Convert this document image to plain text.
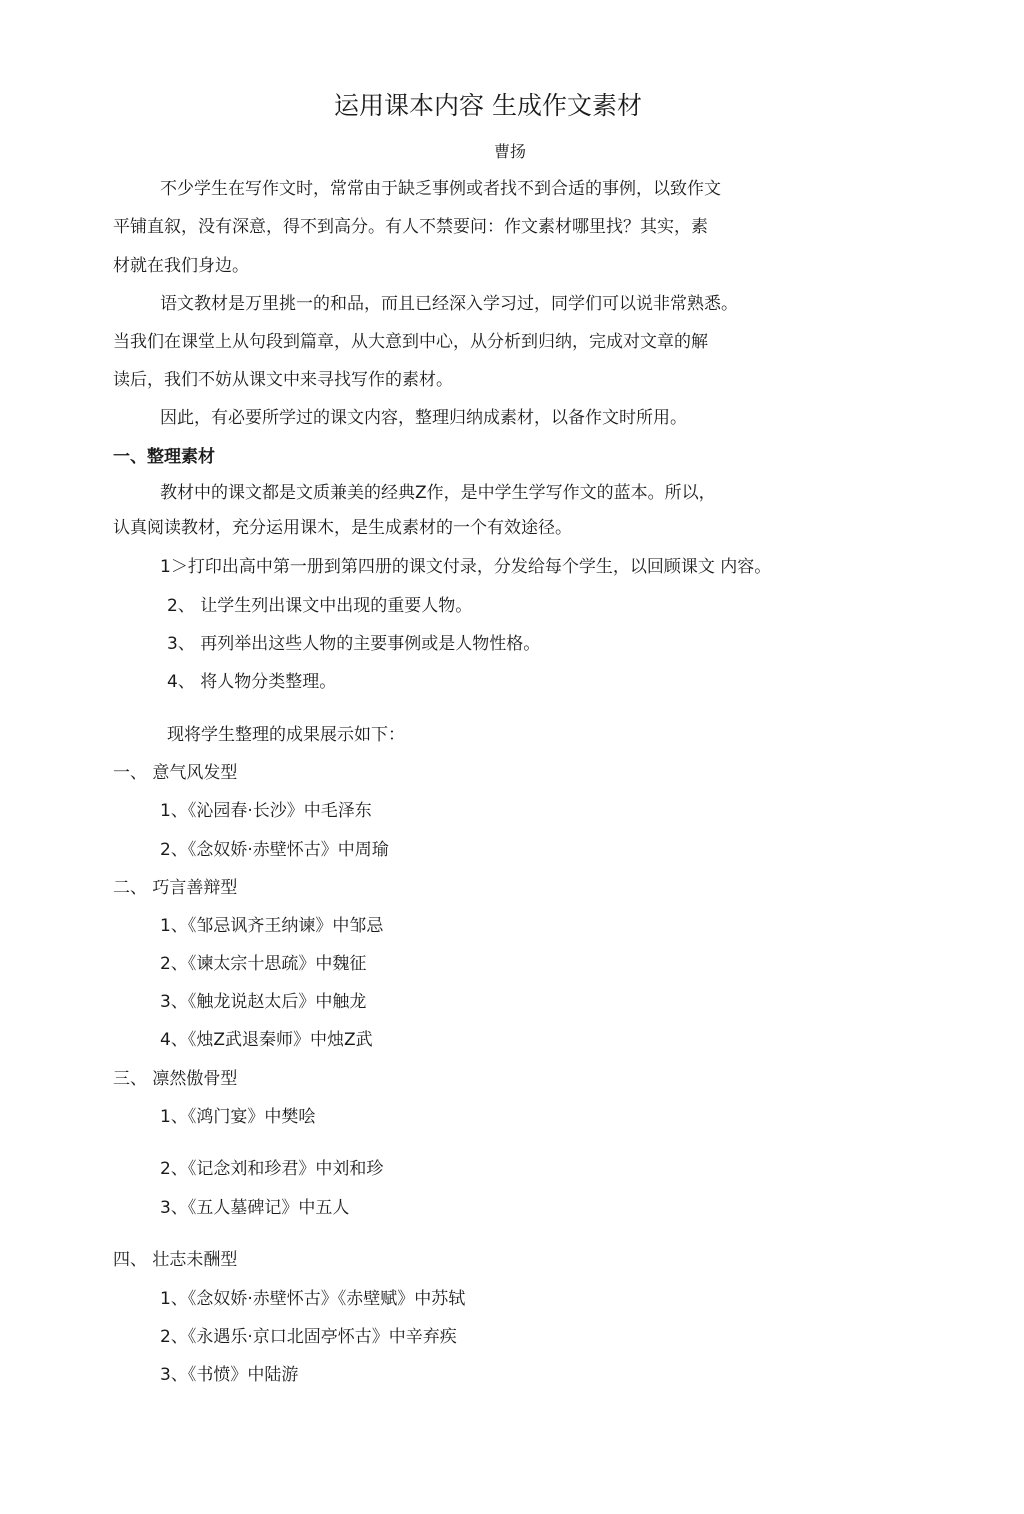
运用课本内容 生成作文素材
曹扬
不少学生在写作文时，常常由于缺乏事例或者找不到合适的事例，以致作文
平铺直叙，没有深意，得不到高分。有人不禁要问：作文素材哪里找？其实，素
材就在我们身边。
语文教材是万里挑一的和品，而且已经深入学习过，同学们可以说非常熟悉。
当我们在课堂上从句段到篇章，从大意到中心，从分析到归纳，完成对文章的解
读后，我们不妨从课文中来寻找写作的素材。
因此，有必要所学过的课文内容，整理归纳成素材，以备作文时所用。
一、整理素材
教材中的课文都是文质兼美的经典Z作，是中学生学写作文的蓝本。所以，
认真阅读教材，充分运用课木，是生成素材的一个有效途径。
1＞打印出高中第一册到第四册的课文付录，分发给每个学生，以回顾课文 内容。
2、 让学生列出课文中出现的重要人物。
3、 再列举出这些人物的主要事例或是人物性格。
4、 将人物分类整理。
现将学生整理的成果展示如下：
一、 意气风发型
1、《沁园春·长沙》中毛泽东
2、《念奴娇·赤壁怀古》中周瑜
二、 巧言善辩型
1、《邹忌讽齐王纳谏》中邹忌
2、《谏太宗十思疏》中魏征
3、《触龙说赵太后》中触龙
4、《烛Z武退秦师》中烛Z武
三、 凛然傲骨型
1、《鸿门宴》中樊哙
2、《记念刘和珍君》中刘和珍
3、《五人墓碑记》中五人
四、 壮志未酬型
1、《念奴娇·赤壁怀古》《赤壁赋》中苏轼
2、《永遇乐·京口北固亭怀古》中辛弃疾
3、《书愤》中陆游
